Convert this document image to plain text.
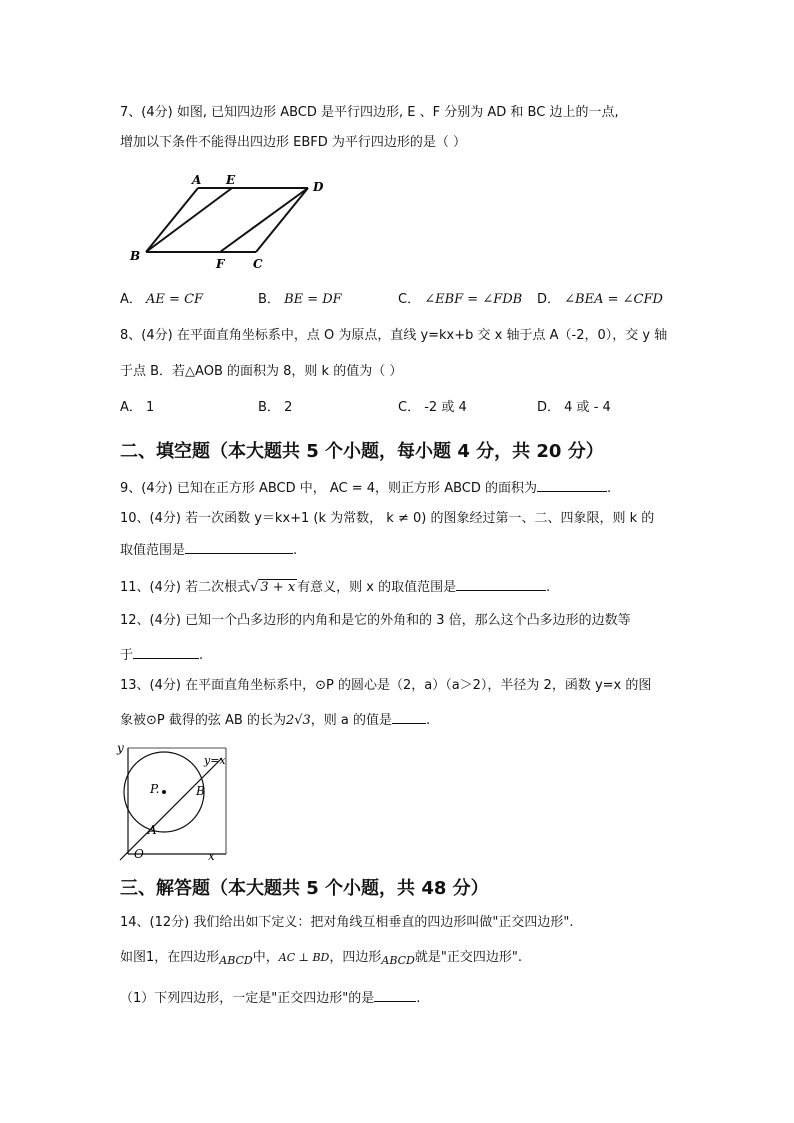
7、(4分) 如图, 已知四边形 ABCD 是平行四边形, E 、F 分别为 AD 和 BC 边上的一点,
增加以下条件不能得出四边形 EBFD 为平行四边形的是（ ）
A E	D
B
F C
A． AE = CF	B． BE = DF	C． ∠EBF = ∠FDB D． ∠BEA = ∠CFD
8、(4分) 在平面直角坐标系中，点 O 为原点，直线 y=kx+b 交 x 轴于点 A（-2，0），交 y 轴
于点 B．若△AOB 的面积为 8，则 k 的值为（ ）
A． 1	B． 2	C． -2 或 4	D． 4 或 - 4
二、填空题（本大题共 5 个小题，每小题 4 分，共 20 分）
9、(4分) 已知在正方形 ABCD 中， AC = 4，则正方形 ABCD 的面积为	.
10、(4分) 若一次函数 y＝kx+1 (k 为常数， k ≠ 0) 的图象经过第一、二、四象限，则 k 的
取值范围是	.
11、(4分) 若二次根式√ 3 + x 有意义，则 x 的取值范围是	.
12、(4分) 已知一个凸多边形的内角和是它的外角和的 3 倍，那么这个凸多边形的边数等
于	.
13、(4分) 在平面直角坐标系中，⊙P 的圆心是（2，a）（a＞2），半径为 2，函数 y=x 的图
象被⊙P 截得的弦 AB 的长为2√3，则 a 的值是	.
y
x
O
P.
A
B
y=x
三、解答题（本大题共 5 个小题，共 48 分）
14、(12分) 我们给出如下定义：把对角线互相垂直的四边形叫做"正交四边形".
如图1，在四边形$_{ABCD}$中，AC ⊥ BD，四边形$_{ABCD}$就是"正交四边形".
（1）下列四边形，一定是"正交四边形"的是	.
